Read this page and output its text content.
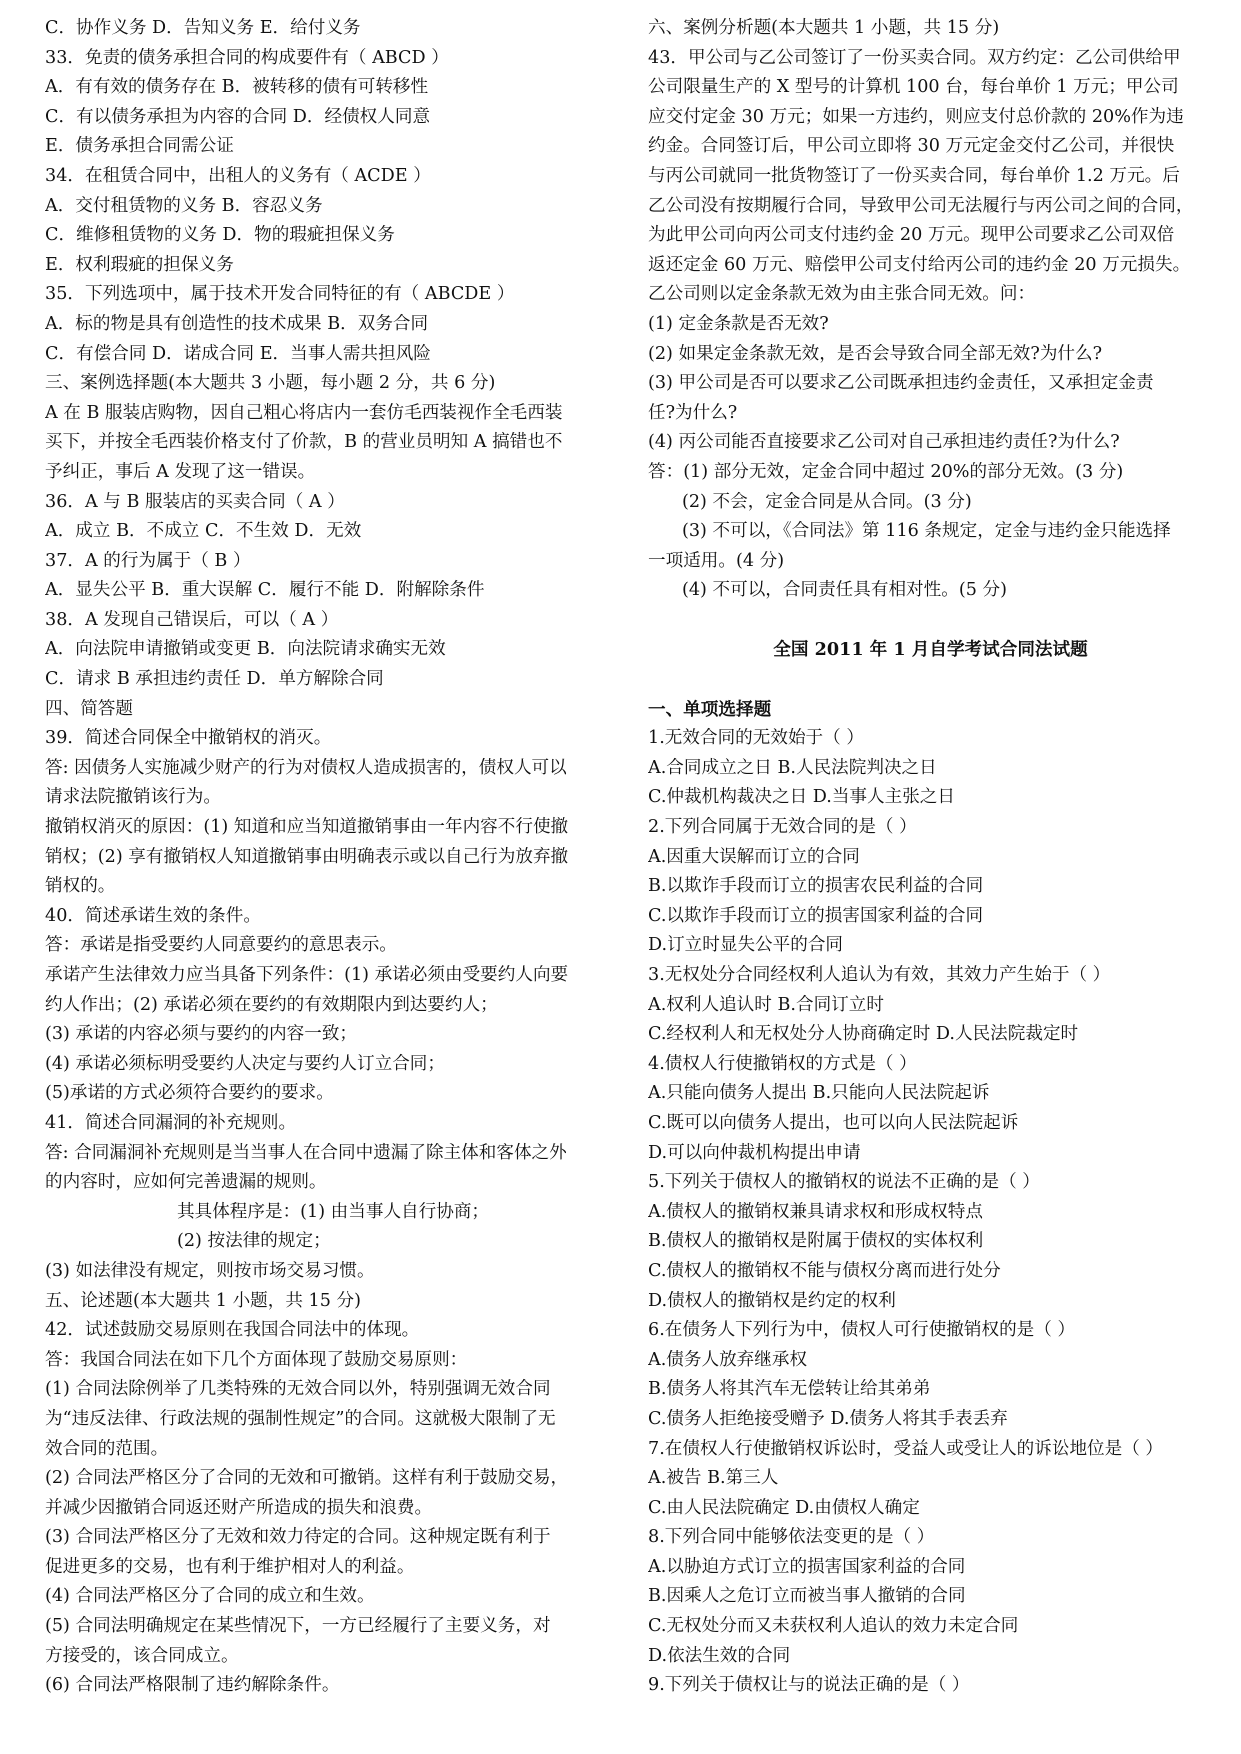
C．协作义务 D．告知义务 E．给付义务
33．免责的债务承担合同的构成要件有（ ABCD ）
A．有有效的债务存在 B．被转移的债有可转移性
C．有以债务承担为内容的合同 D．经债权人同意
E．债务承担合同需公证
34．在租赁合同中，出租人的义务有（ ACDE ）
A．交付租赁物的义务 B．容忍义务
C．维修租赁物的义务 D．物的瑕疵担保义务
E．权利瑕疵的担保义务
35．下列选项中，属于技术开发合同特征的有（ ABCDE ）
A．标的物是具有创造性的技术成果 B．双务合同
C．有偿合同 D．诺成合同 E．当事人需共担风险
三、案例选择题(本大题共 3 小题，每小题 2 分，共 6 分)
A 在 B 服装店购物，因自己粗心将店内一套仿毛西装视作全毛西装
买下，并按全毛西装价格支付了价款，B 的营业员明知 A 搞错也不
予纠正，事后 A 发现了这一错误。
36．A 与 B 服装店的买卖合同（ A ）
A．成立 B．不成立 C．不生效 D．无效
37．A 的行为属于（ B ）
A．显失公平 B．重大误解 C．履行不能 D．附解除条件
38．A 发现自己错误后，可以（ A ）
A．向法院申请撤销或变更 B．向法院请求确实无效
C．请求 B 承担违约责任 D．单方解除合同
四、简答题
39．简述合同保全中撤销权的消灭。
答: 因债务人实施减少财产的行为对债权人造成损害的，债权人可以
请求法院撤销该行为。
撤销权消灭的原因：(1) 知道和应当知道撤销事由一年内容不行使撤
销权；(2) 享有撤销权人知道撤销事由明确表示或以自己行为放弃撤
销权的。
40．简述承诺生效的条件。
答：承诺是指受要约人同意要约的意思表示。
承诺产生法律效力应当具备下列条件：(1) 承诺必须由受要约人向要
约人作出；(2) 承诺必须在要约的有效期限内到达要约人；
(3) 承诺的内容必须与要约的内容一致；
(4) 承诺必须标明受要约人决定与要约人订立合同；
(5)承诺的方式必须符合要约的要求。
41．简述合同漏洞的补充规则。
答: 合同漏洞补充规则是当当事人在合同中遗漏了除主体和客体之外
的内容时，应如何完善遗漏的规则。
其具体程序是：(1) 由当事人自行协商；
(2) 按法律的规定；
(3) 如法律没有规定，则按市场交易习惯。
五、论述题(本大题共 1 小题，共 15 分)
42．试述鼓励交易原则在我国合同法中的体现。
答：我国合同法在如下几个方面体现了鼓励交易原则：
(1) 合同法除例举了几类特殊的无效合同以外，特别强调无效合同
为“违反法律、行政法规的强制性规定”的合同。这就极大限制了无
效合同的范围。
(2) 合同法严格区分了合同的无效和可撤销。这样有利于鼓励交易，
并减少因撤销合同返还财产所造成的损失和浪费。
(3) 合同法严格区分了无效和效力待定的合同。这种规定既有利于
促进更多的交易，也有利于维护相对人的利益。
(4) 合同法严格区分了合同的成立和生效。
(5) 合同法明确规定在某些情况下，一方已经履行了主要义务，对
方接受的，该合同成立。
(6) 合同法严格限制了违约解除条件。
六、案例分析题(本大题共 1 小题，共 15 分)
43．甲公司与乙公司签订了一份买卖合同。双方约定：乙公司供给甲
公司限量生产的 X 型号的计算机 100 台，每台单价 1 万元；甲公司
应交付定金 30 万元；如果一方违约，则应支付总价款的 20%作为违
约金。合同签订后，甲公司立即将 30 万元定金交付乙公司，并很快
与丙公司就同一批货物签订了一份买卖合同，每台单价 1.2 万元。后
乙公司没有按期履行合同，导致甲公司无法履行与丙公司之间的合同，
为此甲公司向丙公司支付违约金 20 万元。现甲公司要求乙公司双倍
返还定金 60 万元、赔偿甲公司支付给丙公司的违约金 20 万元损失。
乙公司则以定金条款无效为由主张合同无效。问：
(1) 定金条款是否无效?
(2) 如果定金条款无效，是否会导致合同全部无效?为什么?
(3) 甲公司是否可以要求乙公司既承担违约金责任，又承担定金责
任?为什么?
(4) 丙公司能否直接要求乙公司对自己承担违约责任?为什么?
答：(1) 部分无效，定金合同中超过 20%的部分无效。(3 分)
(2) 不会，定金合同是从合同。(3 分)
(3) 不可以，《合同法》第 116 条规定，定金与违约金只能选择
一项适用。(4 分)
(4) 不可以，合同责任具有相对性。(5 分)
全国 2011 年 1 月自学考试合同法试题
一、单项选择题
1.无效合同的无效始于（ ）
A.合同成立之日 B.人民法院判决之日
C.仲裁机构裁决之日 D.当事人主张之日
2.下列合同属于无效合同的是（ ）
A.因重大误解而订立的合同
B.以欺诈手段而订立的损害农民利益的合同
C.以欺诈手段而订立的损害国家利益的合同
D.订立时显失公平的合同
3.无权处分合同经权利人追认为有效，其效力产生始于（ ）
A.权利人追认时 B.合同订立时
C.经权利人和无权处分人协商确定时 D.人民法院裁定时
4.债权人行使撤销权的方式是（ ）
A.只能向债务人提出 B.只能向人民法院起诉
C.既可以向债务人提出，也可以向人民法院起诉
D.可以向仲裁机构提出申请
5.下列关于债权人的撤销权的说法不正确的是（ ）
A.债权人的撤销权兼具请求权和形成权特点
B.债权人的撤销权是附属于债权的实体权利
C.债权人的撤销权不能与债权分离而进行处分
D.债权人的撤销权是约定的权利
6.在债务人下列行为中，债权人可行使撤销权的是（ ）
A.债务人放弃继承权
B.债务人将其汽车无偿转让给其弟弟
C.债务人拒绝接受赠予 D.债务人将其手表丢弃
7.在债权人行使撤销权诉讼时，受益人或受让人的诉讼地位是（ ）
A.被告 B.第三人
C.由人民法院确定 D.由债权人确定
8.下列合同中能够依法变更的是（ ）
A.以胁迫方式订立的损害国家利益的合同
B.因乘人之危订立而被当事人撤销的合同
C.无权处分而又未获权利人追认的效力未定合同
D.依法生效的合同
9.下列关于债权让与的说法正确的是（ ）
